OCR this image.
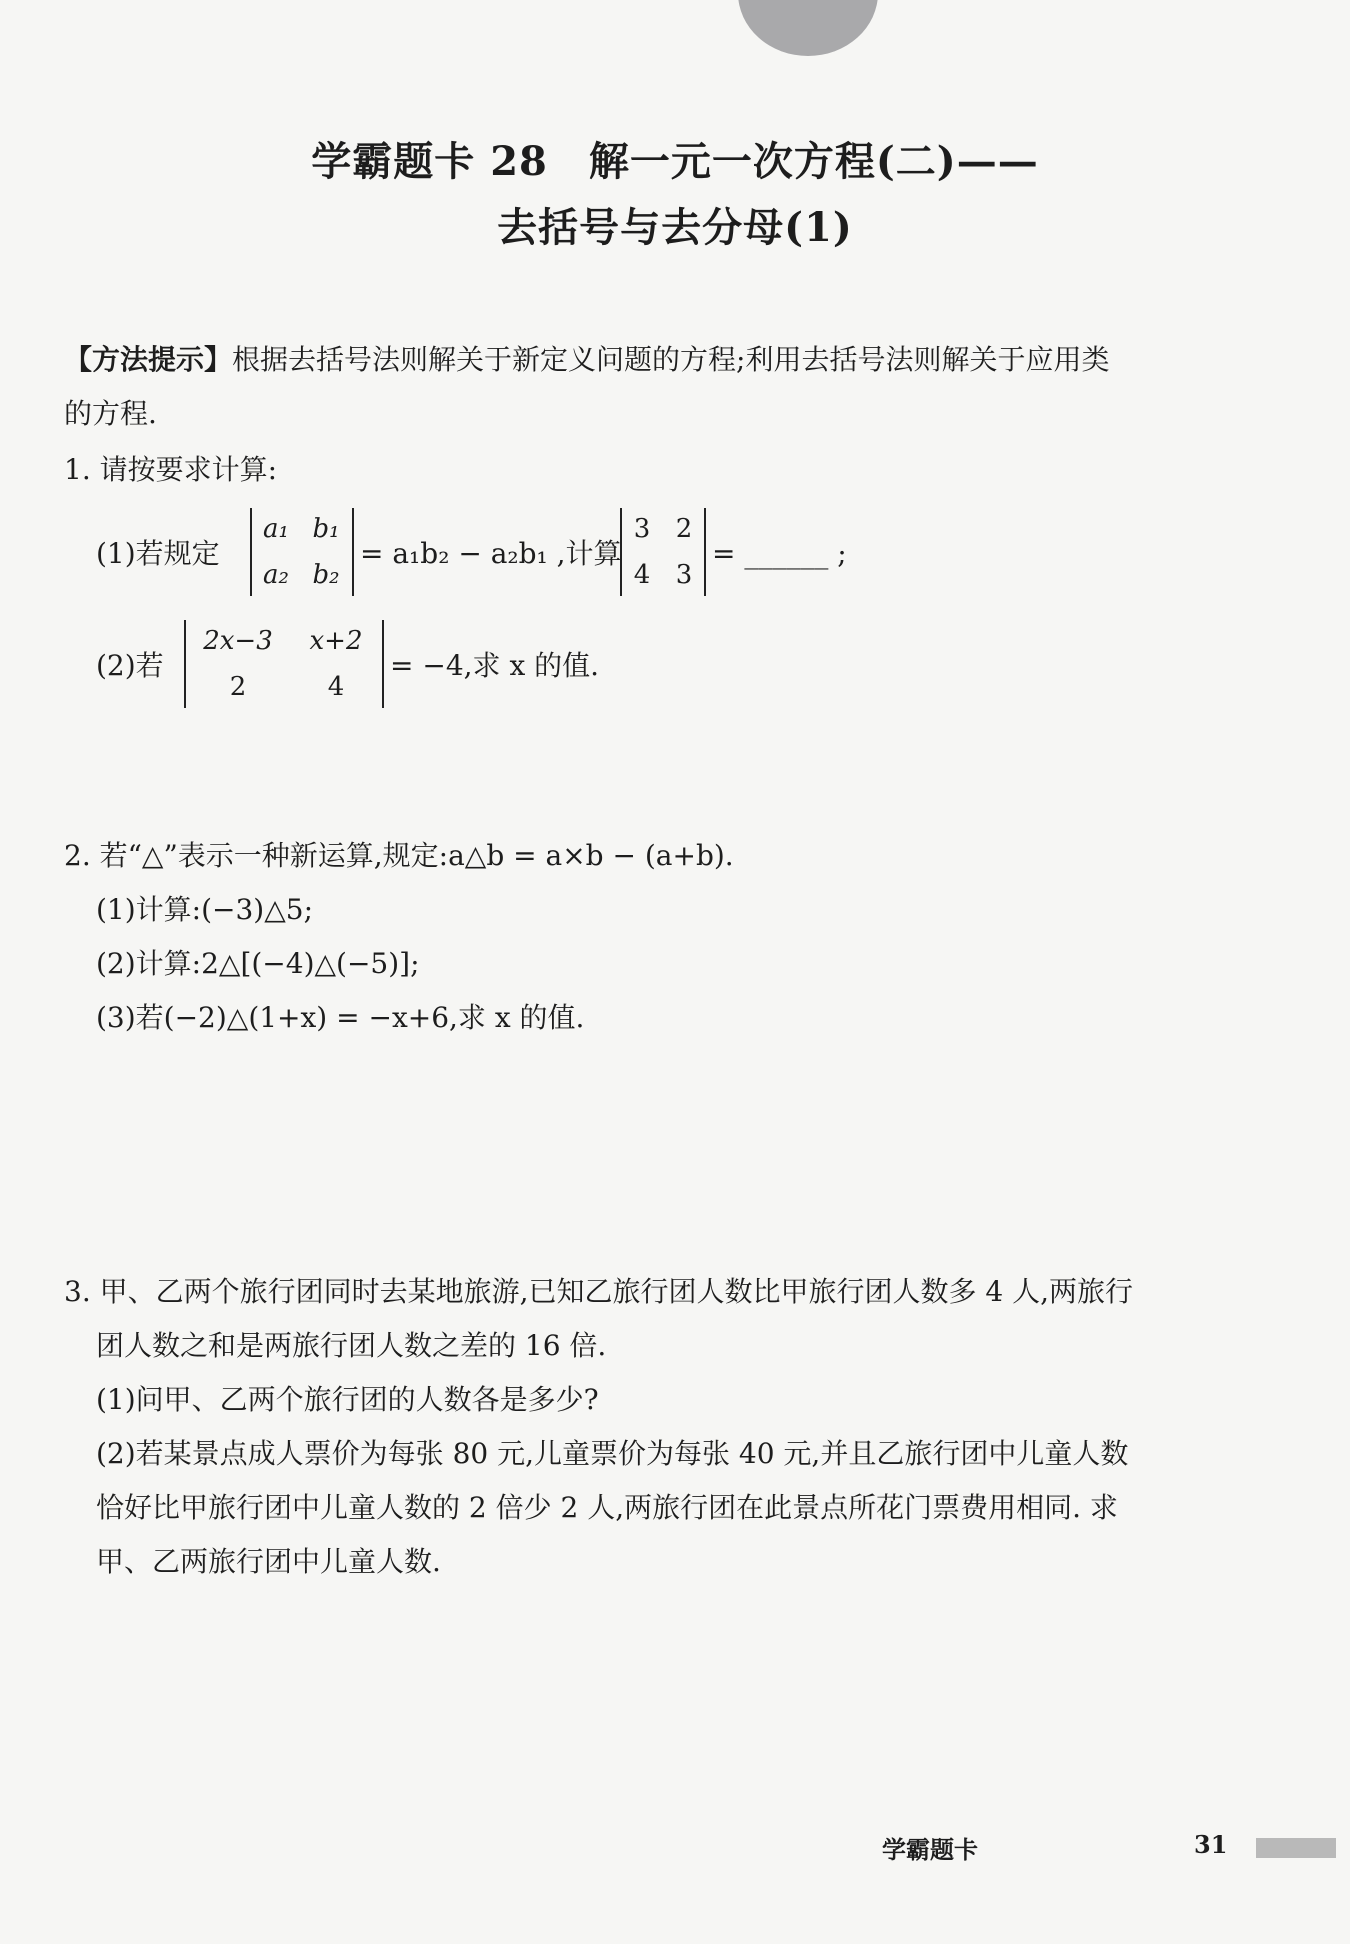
学霸题卡 28　解一元一次方程(二)——
去括号与去分母(1)
【方法提示】根据去括号法则解关于新定义问题的方程;利用去括号法则解关于应用类
的方程.
1. 请按要求计算:
(1)若规定
a₁ b₁
a₂ b₂
= a₁b₂ − a₂b₁ ,计算
3 2
4 3
= ______ ;
(2)若
2x−3	x+2
2	4
= −4,求 x 的值.
2. 若“△”表示一种新运算,规定:a△b = a×b − (a+b).
(1)计算:(−3)△5;
(2)计算:2△[(−4)△(−5)];
(3)若(−2)△(1+x) = −x+6,求 x 的值.
3. 甲、乙两个旅行团同时去某地旅游,已知乙旅行团人数比甲旅行团人数多 4 人,两旅行
团人数之和是两旅行团人数之差的 16 倍.
(1)问甲、乙两个旅行团的人数各是多少?
(2)若某景点成人票价为每张 80 元,儿童票价为每张 40 元,并且乙旅行团中儿童人数
恰好比甲旅行团中儿童人数的 2 倍少 2 人,两旅行团在此景点所花门票费用相同. 求
甲、乙两旅行团中儿童人数.
学霸题卡	31
